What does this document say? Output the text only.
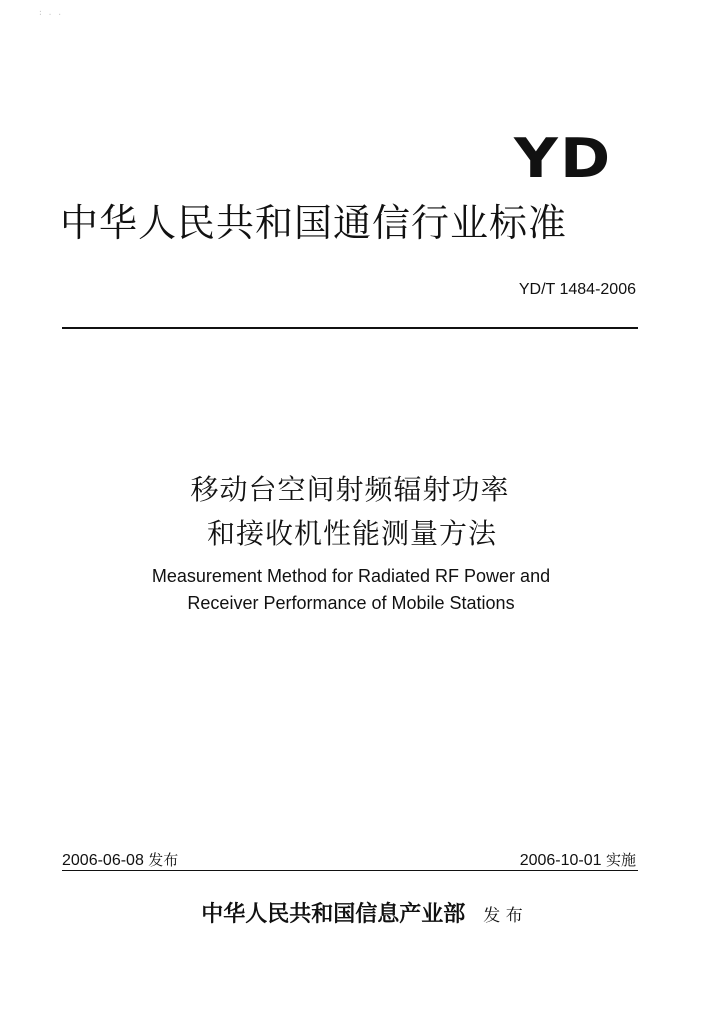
: . .
YD
中华人民共和国通信行业标准
YD/T 1484-2006
移动台空间射频辐射功率
和接收机性能测量方法
Measurement Method for Radiated RF Power and
Receiver Performance of Mobile Stations
2006-06-08 发布	2006-10-01 实施
中华人民共和国信息产业部 发 布
